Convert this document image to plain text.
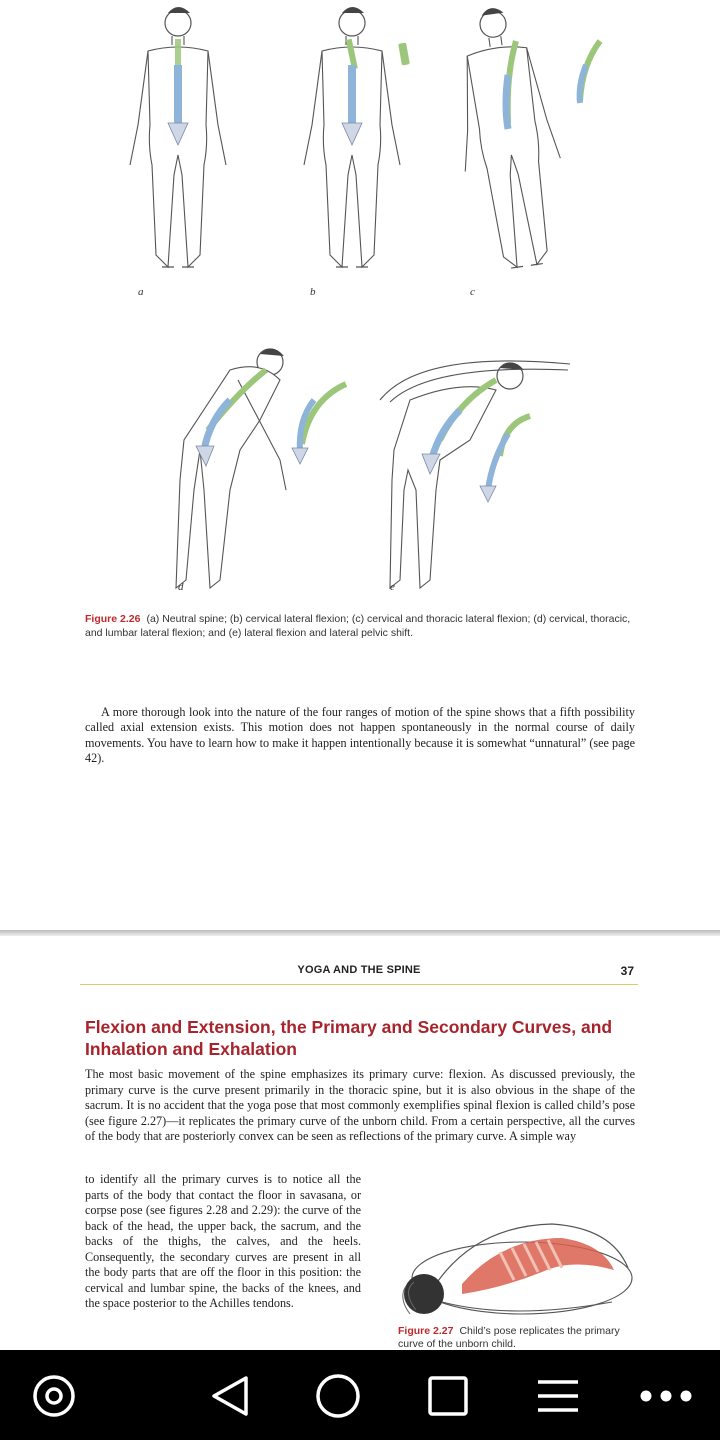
a	b	c
d	e
Figure 2.26 (a) Neutral spine; (b) cervical lateral flexion; (c) cervical and thoracic lateral flexion; (d) cervical, thoracic, and lumbar lateral flexion; and (e) lateral flexion and lateral pelvic shift.
A more thorough look into the nature of the four ranges of motion of the spine shows that a fifth possibility called axial extension exists. This motion does not happen spontaneously in the normal course of daily movements. You have to learn how to make it happen intentionally because it is somewhat “unnatural” (see page 42).
YOGA AND THE SPINE	37
Flexion and Extension, the Primary and Secondary Curves, and Inhalation and Exhalation
The most basic movement of the spine emphasizes its primary curve: flexion. As discussed previously, the primary curve is the curve present primarily in the thoracic spine, but it is also obvious in the shape of the sacrum. It is no accident that the yoga pose that most commonly exemplifies spinal flexion is called child’s pose (see figure 2.27)—it replicates the primary curve of the unborn child. From a certain perspective, all the curves of the body that are posteriorly convex can be seen as reflections of the primary curve. A simple way
to identify all the primary curves is to notice all the parts of the body that contact the floor in savasana, or corpse pose (see figures 2.28 and 2.29): the curve of the back of the head, the upper back, the sacrum, and the backs of the thighs, the calves, and the heels. Consequently, the secondary curves are present in all the body parts that are off the floor in this position: the cervical and lumbar spine, the backs of the knees, and the space posterior to the Achilles tendons.
Figure 2.27 Child’s pose replicates the primary curve of the unborn child.
